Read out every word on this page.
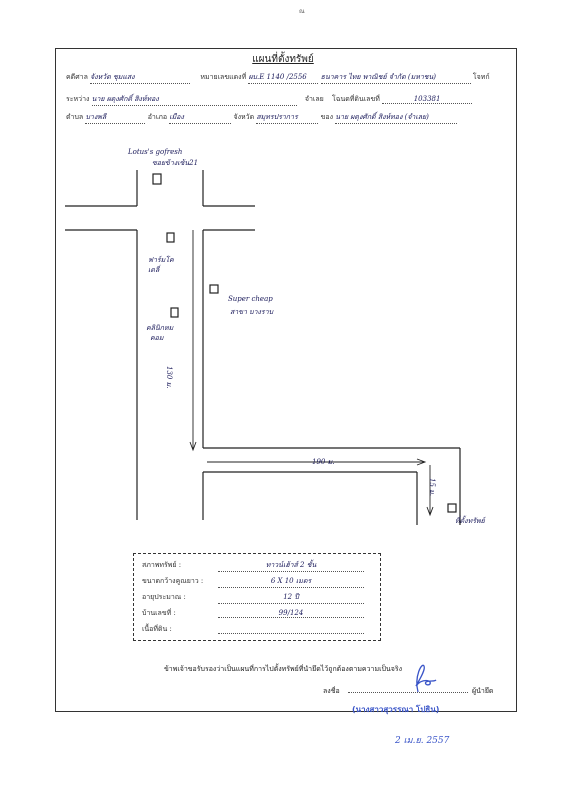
ณ
แผนที่ตั้งทรัพย์
คดีศาล จังหวัด ชุมแสง	หมายเลขแดงที่ ผบ.E 1140 /2556 ธนาคาร ไทย พาณิชย์ จำกัด (มหาชน)	โจทก์
ระหว่าง นาย ผดุงศักดิ์ สิงห์ทอง	จำเลย โฉนดที่ดินเลขที่	103381
ตำบล บางพลี	อำเภอ เมือง	จังหวัด สมุทรปราการ	ของ นาย ผดุงศักดิ์ สิงห์ทอง (จำเลย)
Lotus's gofresh
ซอยข้างเซ้น21
ฟาร์มโค
เดลี่
คลินิกหม
คอม
Super cheap
สาขา บางราบ
130 ม.
190 ม.
15 ม.
ที่ตั้งทรัพย์
สภาพทรัพย์ :	ทาวน์เฮ้าส์ 2 ชั้น
ขนาดกว้างคูณยาว :	6 X 10 เมตร
อายุประมาณ :	12 ปี
บ้านเลขที่ :	99/124
เนื้อที่ดิน :
ข้าพเจ้าขอรับรองว่าเป็นแผนที่การไปตั้งทรัพย์ที่นำยึดไว้ถูกต้องตามความเป็นจริง
ลงชื่อ	ผู้นำยึด
(นางสาวสุวรรณา โปธิน)
2 เม.ย. 2557
